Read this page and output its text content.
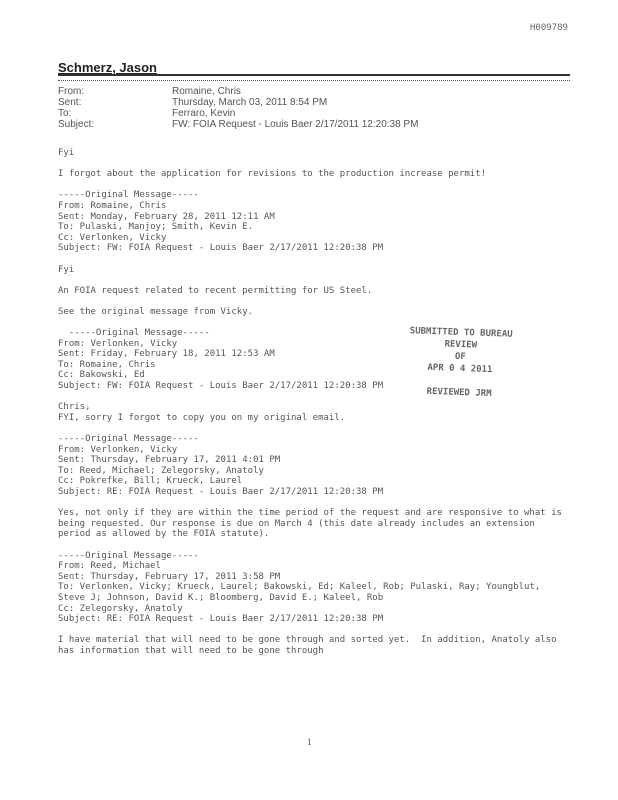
H009789
Schmerz, Jason
From:	Romaine, Chris
Sent:	Thursday, March 03, 2011 8:54 PM
To:	Ferraro, Kevin
Subject:	FW: FOIA Request - Louis Baer 2/17/2011 12:20:38 PM
Fyi
I forgot about the application for revisions to the production increase permit!
-----Original Message-----
From: Romaine, Chris
Sent: Monday, February 28, 2011 12:11 AM
To: Pulaski, Manjoy; Smith, Kevin E.
Cc: Verlonken, Vicky
Subject: FW: FOIA Request - Louis Baer 2/17/2011 12:20:38 PM
Fyi
An FOIA request related to recent permitting for US Steel.
See the original message from Vicky.
-----Original Message-----
From: Verlonken, Vicky
Sent: Friday, February 18, 2011 12:53 AM
To: Romaine, Chris
Cc: Bakowski, Ed
Subject: FW: FOIA Request - Louis Baer 2/17/2011 12:20:38 PM
Chris,
FYI, sorry I forgot to copy you on my original email.
-----Original Message-----
From: Verlonken, Vicky
Sent: Thursday, February 17, 2011 4:01 PM
To: Reed, Michael; Zelegorsky, Anatoly
Cc: Pokrefke, Bill; Krueck, Laurel
Subject: RE: FOIA Request - Louis Baer 2/17/2011 12:20:38 PM
Yes, not only if they are within the time period of the request and are responsive to what is
being requested. Our response is due on March 4 (this date already includes an extension
period as allowed by the FOIA statute).
-----Original Message-----
From: Reed, Michael
Sent: Thursday, February 17, 2011 3:58 PM
To: Verlonken, Vicky; Krueck, Laurel; Bakowski, Ed; Kaleel, Rob; Pulaski, Ray; Youngblut,
Steve J; Johnson, David K.; Bloomberg, David E.; Kaleel, Rob
Cc: Zelegorsky, Anatoly
Subject: RE: FOIA Request - Louis Baer 2/17/2011 12:20:38 PM
I have material that will need to be gone through and sorted yet.  In addition, Anatoly also
has information that will need to be gone through
SUBMITTED TO BUREAU
REVIEW
OF
APR 0 4 2011
REVIEWED JRM
1
